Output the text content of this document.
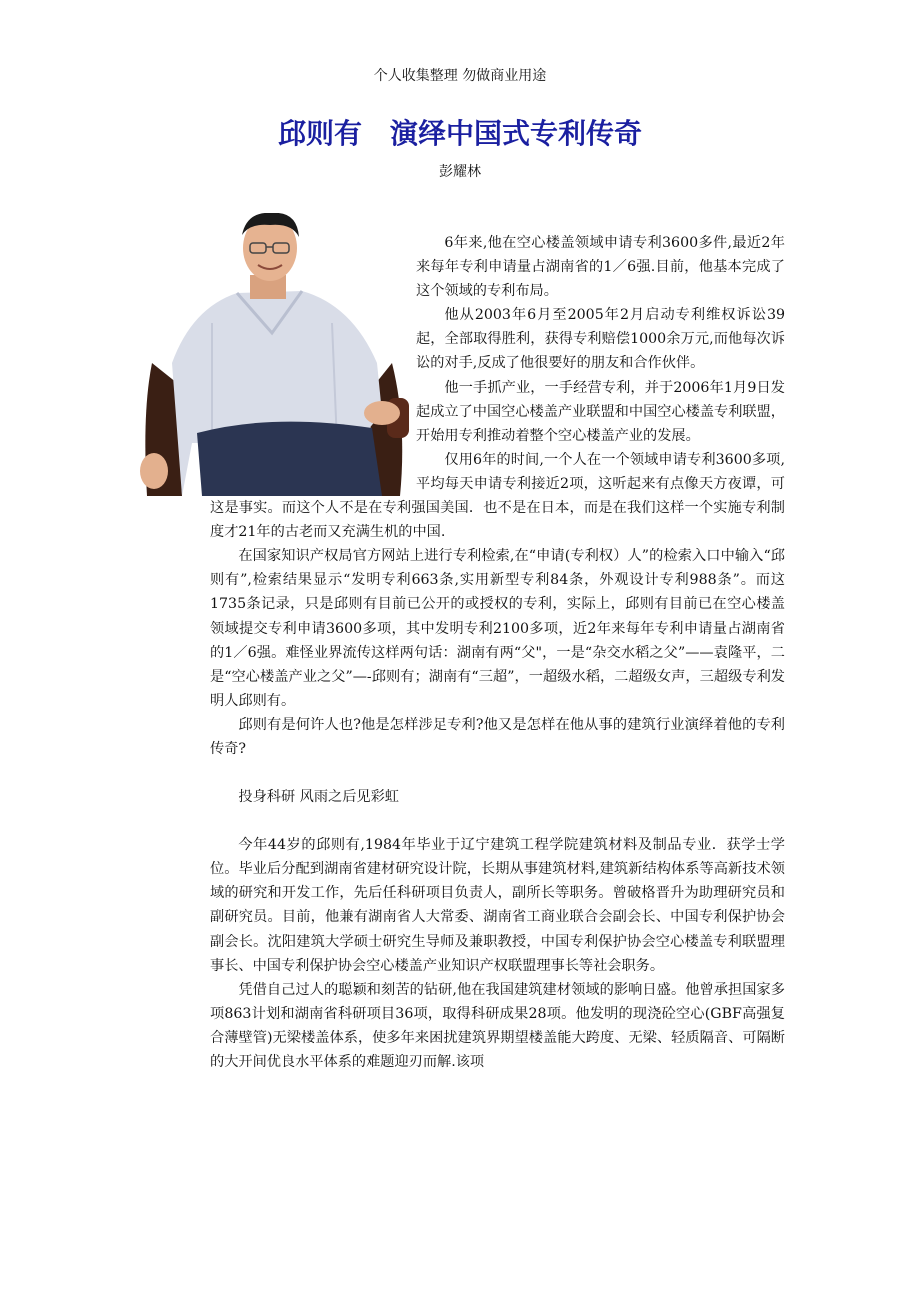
个人收集整理 勿做商业用途
邱则有　演绎中国式专利传奇
彭耀林

6年来,他在空心楼盖领域申请专利3600多件,最近2年来每年专利申请量占湖南省的1／6强.目前，他基本完成了这个领域的专利布局。

他从2003年6月至2005年2月启动专利维权诉讼39起，全部取得胜利，获得专利赔偿1000余万元,而他每次诉讼的对手,反成了他很要好的朋友和合作伙伴。

他一手抓产业，一手经营专利，并于2006年1月9日发起成立了中国空心楼盖产业联盟和中国空心楼盖专利联盟，开始用专利推动着整个空心楼盖产业的发展。

仅用6年的时间,一个人在一个领域申请专利3600多项,平均每天申请专利接近2项，这听起来有点像天方夜谭，可这是事实。而这个人不是在专利强国美国．也不是在日本，而是在我们这样一个实施专利制度才21年的古老而又充满生机的中国.

在国家知识产权局官方网站上进行专利检索,在“申请(专利权）人”的检索入口中输入“邱则有”,检索结果显示“发明专利663条,实用新型专利84条，外观设计专利988条”。而这1735条记录，只是邱则有目前已公开的或授权的专利，实际上，邱则有目前已在空心楼盖领域提交专利申请3600多项，其中发明专利2100多项，近2年来每年专利申请量占湖南省的1／6强。难怪业界流传这样两句话：湖南有两“父"，一是“杂交水稻之父”——袁隆平，二是“空心楼盖产业之父”—-邱则有；湖南有“三超”，一超级水稻，二超级女声，三超级专利发明人邱则有。

邱则有是何许人也?他是怎样涉足专利?他又是怎样在他从事的建筑行业演绎着他的专利传奇?

投身科研 风雨之后见彩虹

今年44岁的邱则有,1984年毕业于辽宁建筑工程学院建筑材料及制品专业．获学士学位。毕业后分配到湖南省建材研究设计院，长期从事建筑材料,建筑新结构体系等高新技术领域的研究和开发工作，先后任科研项目负责人，副所长等职务。曾破格晋升为助理研究员和副研究员。目前，他兼有湖南省人大常委、湖南省工商业联合会副会长、中国专利保护协会副会长。沈阳建筑大学硕士研究生导师及兼职教授，中国专利保护协会空心楼盖专利联盟理事长、中国专利保护协会空心楼盖产业知识产权联盟理事长等社会职务。

凭借自己过人的聪颖和刻苦的钻研,他在我国建筑建材领域的影响日盛。他曾承担国家多项863计划和湖南省科研项目36项，取得科研成果28项。他发明的现浇砼空心(GBF高强复合薄壁管)无梁楼盖体系，使多年来困扰建筑界期望楼盖能大跨度、无梁、轻质隔音、可隔断的大开间优良水平体系的难题迎刃而解.该项
